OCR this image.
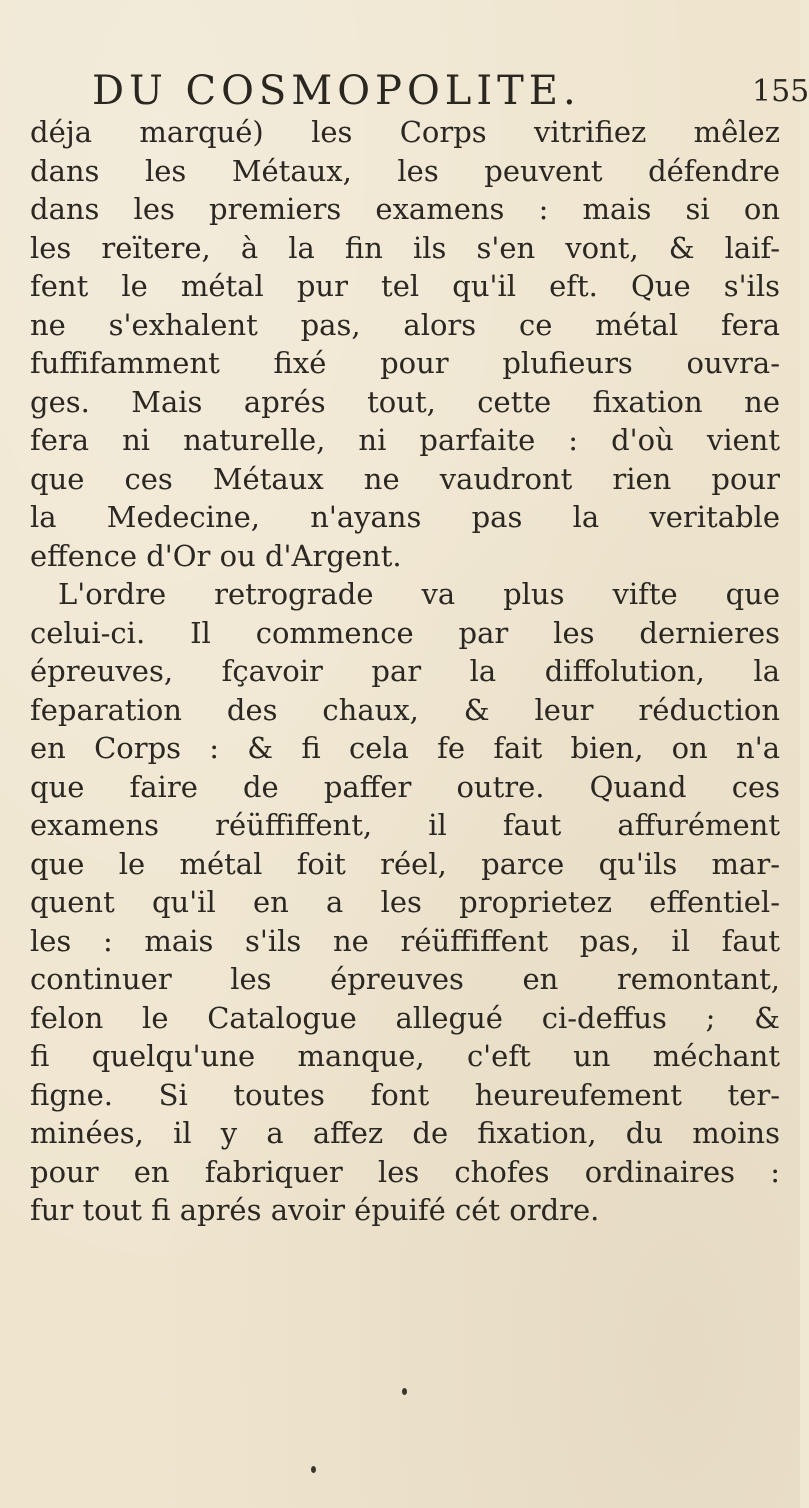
DU COSMOPOLITE.	155
déja marqué) les Corps vitrifiez mêlez
dans les Métaux, les peuvent défendre
dans les premiers examens : mais si on
les reïtere, à la fin ils s'en vont, & laif-
fent le métal pur tel qu'il eft. Que s'ils
ne s'exhalent pas, alors ce métal fera
fuffifamment fixé pour plufieurs ouvra-
ges. Mais aprés tout, cette fixation ne
fera ni naturelle, ni parfaite : d'où vient
que ces Métaux ne vaudront rien pour
la Medecine, n'ayans pas la veritable
effence d'Or ou d'Argent.
L'ordre retrograde va plus vifte que
celui-ci. Il commence par les dernieres
épreuves, fçavoir par la diffolution, la
feparation des chaux, & leur réduction
en Corps : & fi cela fe fait bien, on n'a
que faire de paffer outre. Quand ces
examens réüffiffent, il faut affurément
que le métal foit réel, parce qu'ils mar-
quent qu'il en a les proprietez effentiel-
les : mais s'ils ne réüffiffent pas, il faut
continuer les épreuves en remontant,
felon le Catalogue allegué ci-deffus ; &
fi quelqu'une manque, c'eft un méchant
figne. Si toutes font heureufement ter-
minées, il y a affez de fixation, du moins
pour en fabriquer les chofes ordinaires :
fur tout fi aprés avoir épuifé cét ordre.
